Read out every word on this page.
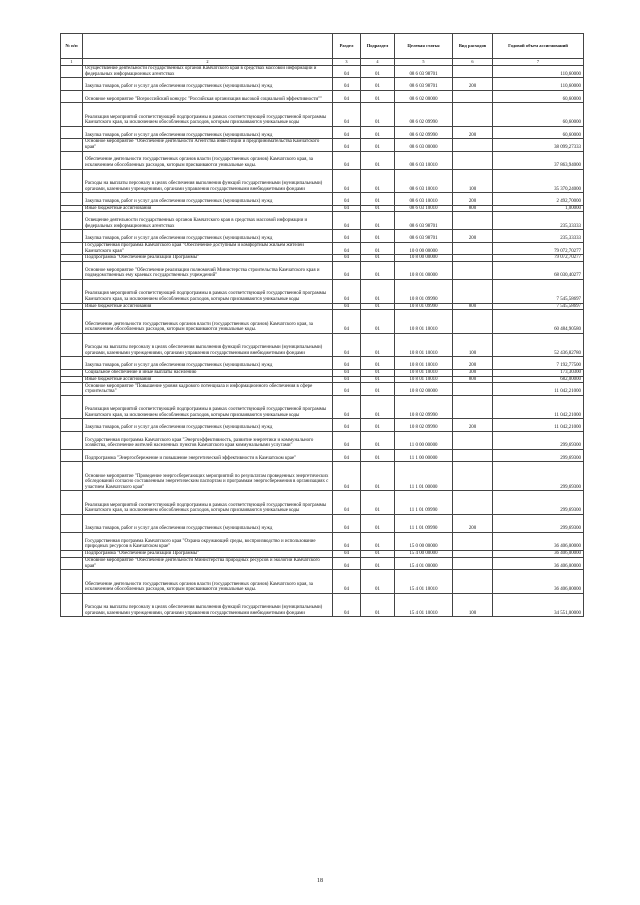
№ п/п		Раздел	Подраздел	Целевая статья	Вид расходов	Годовой объем ассигнований
1	2	3	4	5	6	7
	Осуществление деятельности государственных органов Камчатского края в средствах массовой информации и федеральных информационных агентствах	04	01	08 6 03 98701		110,60000
	Закупка товаров, работ и услуг для обеспечения государственных (муниципальных) нужд	04	01	08 6 03 98701	200	110,60000
	Основное мероприятие "Всероссийский конкурс "Российская организация высокой социальной эффективности""	04	01	08 6 02 00000		60,60000
	Реализация мероприятий соответствующей подпрограммы в рамках соответствующей государственной программы Камчатского края, за исключением обособленных расходов, которым присваиваются уникальные коды	04	01	08 6 02 09990		60,60000
	Закупка товаров, работ и услуг для обеспечения государственных (муниципальных) нужд	04	01	08 6 02 09990	200	60,60000
	Основное мероприятие "Обеспечение деятельности Агентства инвестиций и предпринимательства Камчатского края"	04	01	08 6 03 00000		38 099,27333
	Обеспечение деятельности государственных органов власти (государственных органов) Камчатского края, за исключением обособленных расходов, которым присваиваются уникальные коды.	04	01	08 6 03 10010		37 863,94000
	Расходы на выплаты персоналу в целях обеспечения выполнения функций государственными (муниципальными) органами, казенными учреждениями, органами управления государственными внебюджетными фондами	04	01	08 6 03 10010	100	35 370,24000
	Закупка товаров, работ и услуг для обеспечения государственных (муниципальных) нужд	04	01	08 6 03 10010	200	2 492,70000
	Иные бюджетные ассигнования	04	01	08 6 03 10010	800	1,00000
	Освещение деятельности государственных органов Камчатского края в средствах массовой информации и федеральных информационных агентствах	04	01	08 6 03 98701		235,33333
	Закупка товаров, работ и услуг для обеспечения государственных (муниципальных) нужд	04	01	08 6 03 98701	200	235,33333
	Государственная программа Камчатского края "Обеспечение доступным и комфортным жильем жителей Камчатского края"	04	01	10 0 00 00000		79 072,70277
	Подпрограмма "Обеспечение реализации Программы"	04	01	10 8 00 00000		79 072,70277
	Основное мероприятие "Обеспечение реализации полномочий Министерства строительства Камчатского края и подведомственных ему краевых государственных учреждений"	04	01	10 8 01 00000		68 030,40277
	Реализация мероприятий соответствующей подпрограммы в рамках соответствующей государственной программы Камчатского края, за исключением обособленных расходов, которым присваиваются уникальные коды	04	01	10 8 01 09990		7 545,58697
	Иные бюджетные ассигнования	04	01	10 8 01 09990	800	7 545,58697
	Обеспечение деятельности государственных органов власти (государственных органов) Камчатского края, за исключением обособленных расходов, которым присваиваются уникальные коды.	04	01	10 8 01 10010		60 484,90580
	Расходы на выплаты персоналу в целях обеспечения выполнения функций государственными (муниципальными) органами, казенными учреждениями, органами управления государственными внебюджетными фондами	04	01	10 8 01 10010	100	52 436,82780
	Закупка товаров, работ и услуг для обеспечения государственных (муниципальных) нужд	04	01	10 8 01 10010	200	7 192,77500
	Социальное обеспечение и иные выплаты населению	04	01	10 8 01 10010	300	173,30300
	Иные бюджетные ассигнования	04	01	10 8 01 10010	800	682,00000
	Основное мероприятие "Повышение уровня кадрового потенциала и информационного обеспечения в сфере строительства"	04	01	10 8 02 00000		11 042,21000
	Реализация мероприятий соответствующей подпрограммы в рамках соответствующей государственной программы Камчатского края, за исключением обособленных расходов, которым присваиваются уникальные коды	04	01	10 8 02 09990		11 042,21000
	Закупка товаров, работ и услуг для обеспечения государственных (муниципальных) нужд	04	01	10 8 02 09990	200	11 042,21000
	Государственная программа Камчатского края "Энергоэффективность, развитие энергетики и коммунального хозяйства, обеспечение жителей населенных пунктов Камчатского края коммунальными услугами"	04	01	11 0 00 00000		299,69300
	Подпрограмма "Энергосбережение и повышение энергетической эффективности в Камчатском крае"	04	01	11 1 00 00000		299,69300
	Основное мероприятие "Проведение энергосберегающих мероприятий по результатам проведенных энергетических обследований согласно составленным энергетическим паспортам и программам энергосбережения в организациях с участием Камчатского края"	04	01	11 1 01 00000		299,69300
	Реализация мероприятий соответствующей подпрограммы в рамках соответствующей государственной программы Камчатского края, за исключением обособленных расходов, которым присваиваются уникальные коды	04	01	11 1 01 09990		299,69300
	Закупка товаров, работ и услуг для обеспечения государственных (муниципальных) нужд	04	01	11 1 01 09990	200	299,69300
	Государственная программа Камчатского края "Охрана окружающей среды, воспроизводство и использование природных ресурсов в Камчатском крае"	04	01	15 0 00 00000		36 406,00000
	Подпрограмма "Обеспечение реализации Программы"	04	01	15 4 00 00000		36 406,00000
	Основное мероприятие "Обеспечение деятельности Министерства природных ресурсов и экологии Камчатского края"	04	01	15 4 01 00000		36 406,00000
	Обеспечение деятельности государственных органов власти (государственных органов) Камчатского края, за исключением обособленных расходов, которым присваиваются уникальные коды.	04	01	15 4 01 10010		36 406,00000
	Расходы на выплаты персоналу в целях обеспечения выполнения функций государственными (муниципальными) органами, казенными учреждениями, органами управления государственными внебюджетными фондами	04	01	15 4 01 10010	100	34 551,00000
18
